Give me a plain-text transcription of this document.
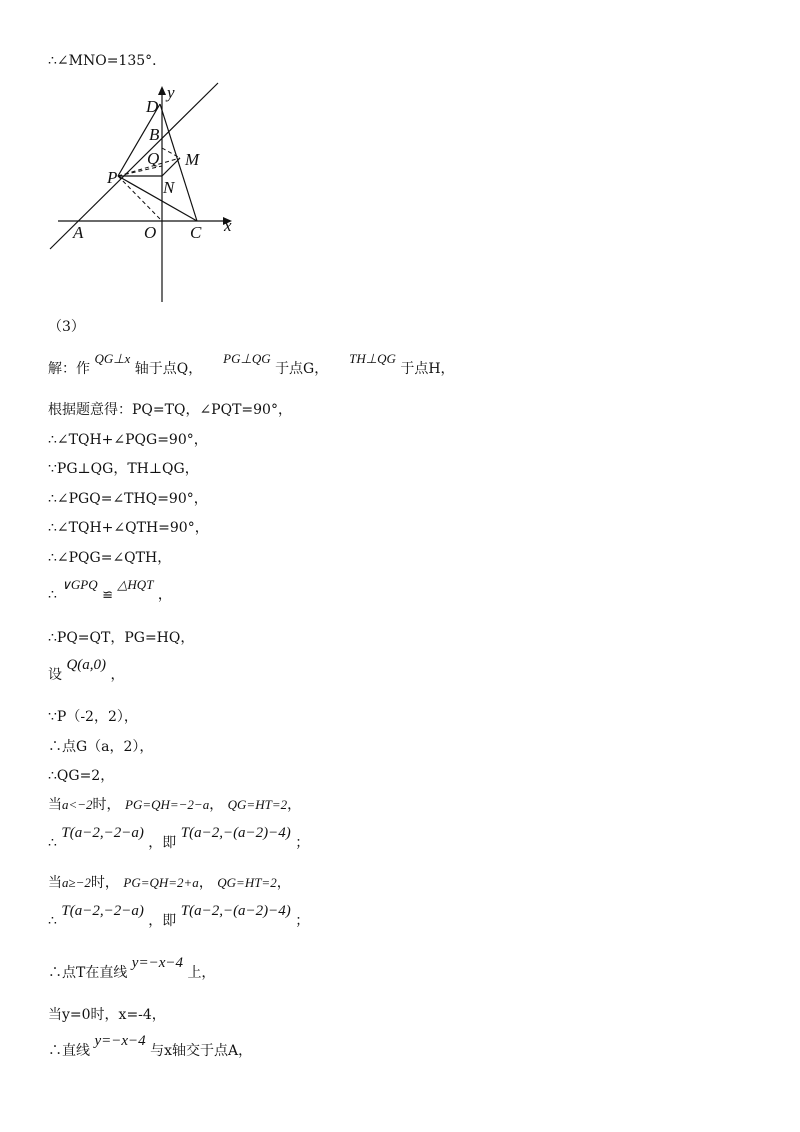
∴∠MNO=135°．
D
y
B
Q M
P
N
A	O C x
（3）
解：作 QG⊥x 轴于点Q，  PG⊥QG 于点G，  TH⊥QG 于点H，
根据题意得：PQ=TQ，∠PQT=90°，
∴∠TQH+∠PQG=90°，
∵PG⊥QG，TH⊥QG，
∴∠PGQ=∠THQ=90°，
∴∠TQH+∠QTH=90°，
∴∠PQG=∠QTH，
∴ ∨GPQ ≌ △HQT ，
∴PQ=QT，PG=HQ，
设 Q(a,0) ，
∵P（-2，2），
∴点G（a，2），
∴QG=2，
当a<−2时， PG=QH=−2−a， QG=HT=2，
∴ T(a−2,−2−a) ，即 T(a−2,−(a−2)−4) ；
当a≥−2时， PG=QH=2+a， QG=HT=2，
∴ T(a−2,−2−a) ，即 T(a−2,−(a−2)−4) ；
∴点T在直线 y=−x−4 上，
当y=0时，x=-4，
∴直线 y=−x−4 与x轴交于点A，
